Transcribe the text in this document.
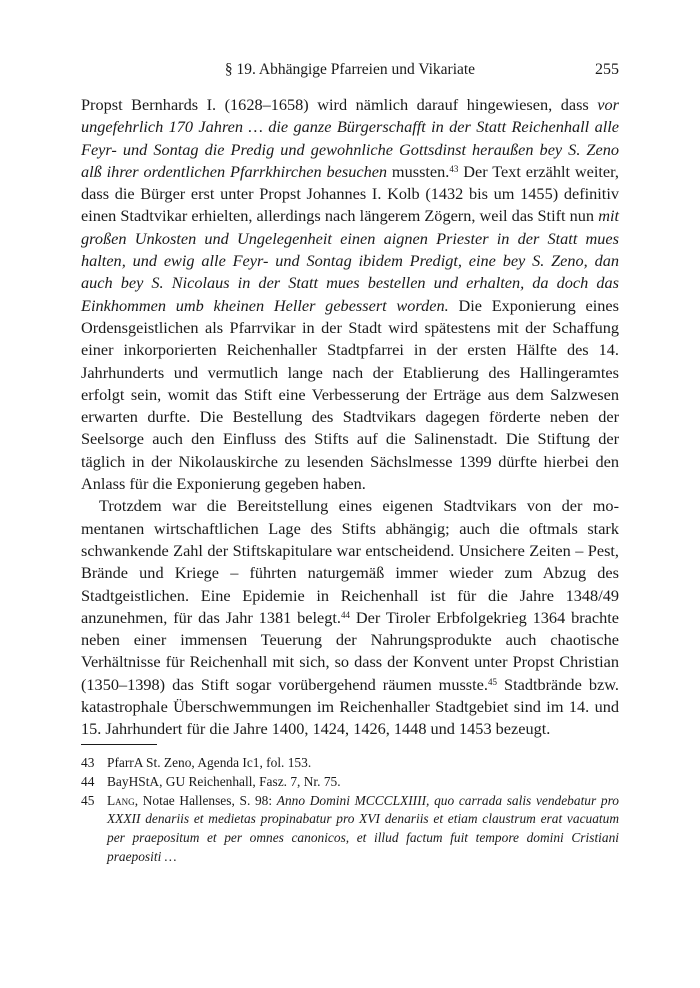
§ 19. Abhängige Pfarreien und Vikariate	255

Propst Bernhards I. (1628–1658) wird nämlich darauf hingewiesen, dass vor ungefehrlich 170 Jahren … die ganze Bürgerschafft in der Statt Reichenhall alle Feyr- und Sontag die Predig und gewohnliche Gottsdinst heraußen bey S. Zeno alß ihrer ordentlichen Pfarrkhirchen besuchen mussten.$^{43}$ Der Text erzählt weiter, dass die Bürger erst unter Propst Johannes I. Kolb (1432 bis um 1455) definitiv einen Stadtvikar erhielten, allerdings nach längerem Zögern, weil das Stift nun mit großen Unkosten und Ungelegenheit einen aignen Priester in der Statt mues halten, und ewig alle Feyr- und Sontag ibidem Predigt, eine bey S. Zeno, dan auch bey S. Nicolaus in der Statt mues bestellen und erhalten, da doch das Einkhommen umb kheinen Heller gebessert worden. Die Exponierung eines Ordensgeistlichen als Pfarrvikar in der Stadt wird spätestens mit der Schaffung einer inkorporierten Reichenhaller Stadtpfarrei in der ersten Hälfte des 14. Jahrhunderts und vermutlich lange nach der Etablierung des Hallingeramtes erfolgt sein, womit das Stift eine Verbesserung der Erträge aus dem Salzwesen erwarten durfte. Die Bestellung des Stadtvikars dagegen förderte neben der Seelsorge auch den Einfluss des Stifts auf die Salinenstadt. Die Stiftung der täglich in der Nikolauskirche zu lesenden Sächslmesse 1399 dürfte hierbei den Anlass für die Exponierung gegeben haben.

Trotzdem war die Bereitstellung eines eigenen Stadtvikars von der momentanen wirtschaftlichen Lage des Stifts abhängig; auch die oftmals stark schwankende Zahl der Stiftskapitulare war entscheidend. Unsichere Zeiten – Pest, Brände und Kriege – führten naturgemäß immer wieder zum Abzug des Stadtgeistlichen. Eine Epidemie in Reichenhall ist für die Jahre 1348/49 anzunehmen, für das Jahr 1381 belegt.$^{44}$ Der Tiroler Erbfolgekrieg 1364 brachte neben einer immensen Teuerung der Nahrungsprodukte auch chaotische Verhältnisse für Reichenhall mit sich, so dass der Konvent unter Propst Christian (1350–1398) das Stift sogar vorübergehend räumen musste.$^{45}$ Stadtbrände bzw. katastrophale Überschwemmungen im Reichenhaller Stadtgebiet sind im 14. und 15. Jahrhundert für die Jahre 1400, 1424, 1426, 1448 und 1453 bezeugt.

43 PfarrA St. Zeno, Agenda Ic1, fol. 153.
44 BayHStA, GU Reichenhall, Fasz. 7, Nr. 75.
45 Lang, Notae Hallenses, S. 98: Anno Domini MCCCLXIIII, quo carrada salis vendebatur pro XXXII denariis et medietas propinabatur pro XVI denariis et etiam claustrum erat vacuatum per praepositum et per omnes canonicos, et illud factum fuit tempore domini Cristiani praepositi …
